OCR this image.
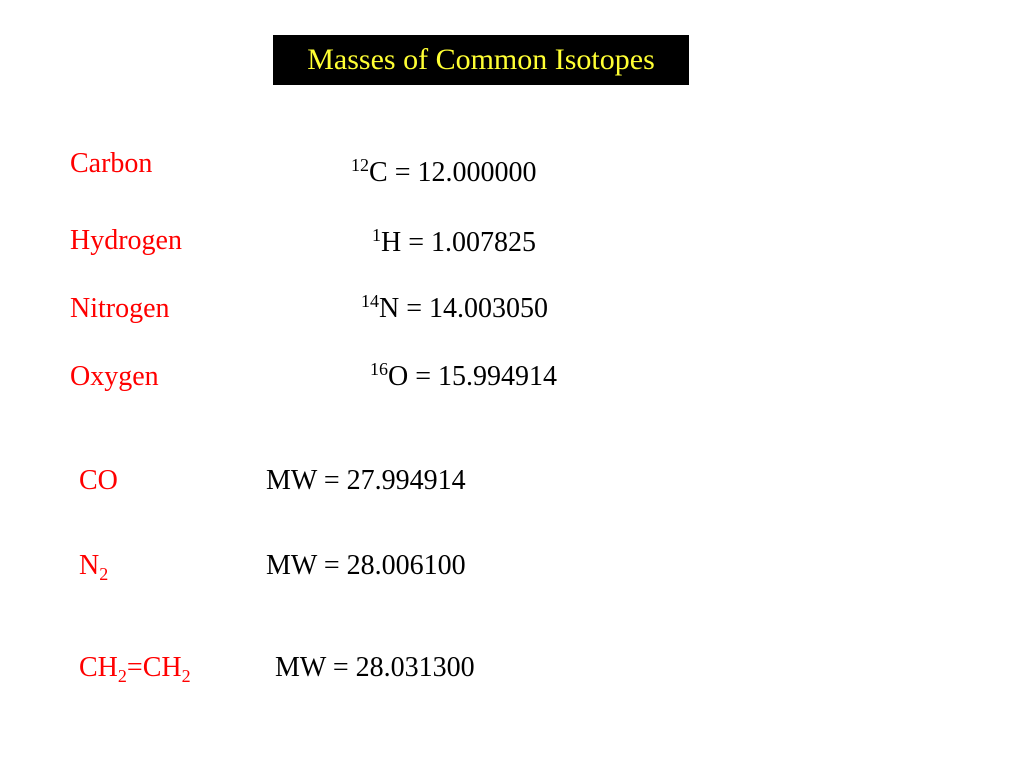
Masses of Common Isotopes
Carbon	$^{12}$C = 12.000000
Hydrogen	$^1$H = 1.007825
Nitrogen	$^{14}$N = 14.003050
Oxygen	$^{16}$O = 15.994914
CO	MW = 27.994914
$N_2$	MW = 28.006100
$CH_2=CH_2$	MW = 28.031300
